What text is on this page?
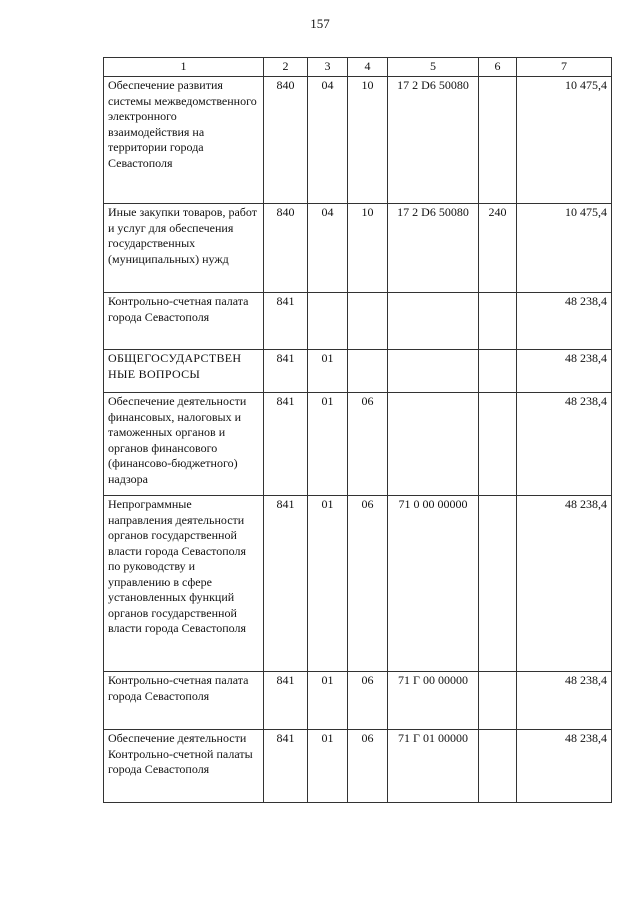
157
1	2	3	4	5	6	7
Обеспечение развития системы межведомственного электронного взаимодействия на территории города Севастополя	840	04	10	17 2 D6 50080		10 475,4
Иные закупки товаров, работ и услуг для обеспечения государственных (муниципальных) нужд	840	04	10	17 2 D6 50080	240	10 475,4
Контрольно-счетная палата города Севастополя	841					48 238,4
ОБЩЕГОСУДАРСТВЕН НЫЕ ВОПРОСЫ	841	01				48 238,4
Обеспечение деятельности финансовых, налоговых и таможенных органов и органов финансового (финансово-бюджетного) надзора	841	01	06			48 238,4
Непрограммные направления деятельности органов государственной власти города Севастополя по руководству и управлению в сфере установленных функций органов государственной власти города Севастополя	841	01	06	71 0 00 00000		48 238,4
Контрольно-счетная палата города Севастополя	841	01	06	71 Г 00 00000		48 238,4
Обеспечение деятельности Контрольно-счетной палаты города Севастополя	841	01	06	71 Г 01 00000		48 238,4
